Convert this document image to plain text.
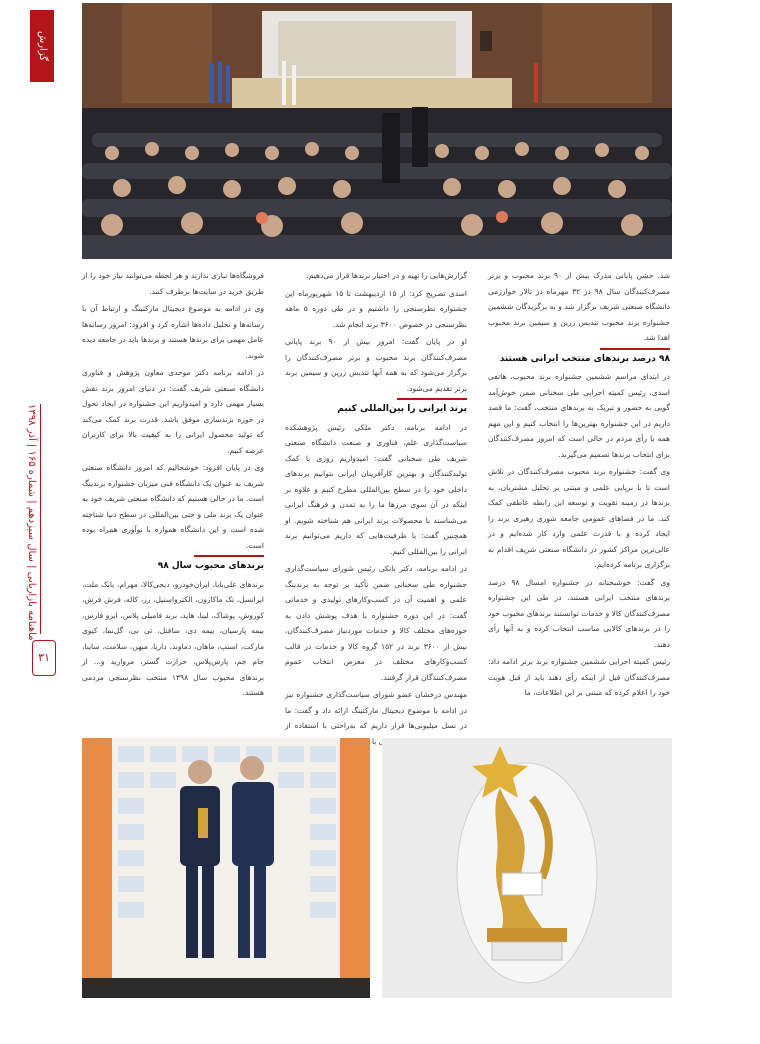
گزارش
ماهنامه بازاریابی | سال سیزدهم | شماره ۱۶۵ | آذر ۱۳۹۸
۳۱

شد. جشن پایانی مدرک بیش از ۹۰ برند محبوب و برتر مصرف‌کنندگان سال ۹۸ در ۳۲ مهرماه در تالار خوارزمی دانشگاه صنعتی شریف برگزار شد و به برگزیدگان ششمین جشنواره برند محبوب تندیس زرین و سیمین برند محبوب اهدا شد.

۹۸ درصد برندهای منتخب ایرانی هستند

در ابتدای مراسم ششمین جشنواره برند محبوب، هاتفی اسدی، رئیس کمیته اجرایی طی سخنانی ضمن خوش‌آمد گویی به حضور و تبریک به برندهای منتخب، گفت: ما قصد داریم در این جشنواره بهترین‌ها را انتخاب کنیم و این مهم همه با رأی مردم در حالی است که امروز مصرف‌کنندگان برای انتخاب برندها تصمیم می‌گیرند.

وی گفت: جشنواره برند محبوب مصرف‌کنندگان در تلاش است تا با برپایی علمی و مبتنی بر تحلیل مشتریان، به برندها در زمینه تقویت و توسعه این رابطه عاطفی کمک کند. ما در فضاهای عمومی جامعه شوری رهبری برند را ایجاد کرده و با قدرت علمی وارد کار شده‌ایم و در عالی‌ترین مراکز کشور در دانشگاه صنعتی شریف اقدام به برگزاری برنامه کرده‌ایم.

وی گفت: خوشبختانه در جشنواره امسال ۹۸ درصد برندهای منتخب ایرانی هستند. در طی این جشنواره مصرف‌کنندگان کالا و خدمات توانستند برندهای محبوب خود را در برندهای کالایی مناسب انتخاب کرده و به آنها رأی دهند.

رئیس کمیته اجرایی ششمین جشنواره برند برتر ادامه داد: مصرف‌کنندگان قبل از اینکه رأی دهند باید از قبل هویت خود را اعلام کرده که مبتنی بر این اطلاعات، ما

گزارش‌هایی را تهیه و در اختیار برندها قرار می‌دهیم.

اسدی تصریح کرد: از ۱۵ اردیبهشت تا ۱۵ شهریورماه این جشنواره نظرسنجی را داشتیم و در طی دوره ۵ ماهه نظرسنجی در خصوص ۳۶۰۰ برند انجام شد.

او در پایان گفت: امروز بیش از ۹۰ برند پایانی مصرف‌کنندگان برند محبوب و برتر مصرف‌کنندگان را برگزار می‌شود که به همه آنها تندیس زرین و سیمین برند برتر تقدیم می‌شود.

برند ایرانی را بین‌المللی کنیم

در ادامه برنامه، دکتر ملکی رئیس پژوهشکده سیاست‌گذاری علم، فناوری و صنعت دانشگاه صنعتی شریف طی سخنانی گفت: امیدواریم روزی با کمک تولیدکنندگان و بهترین کارآفرینان ایرانی بتوانیم برندهای داخلی خود را در سطح بین‌المللی مطرح کنیم و علاوه بر اینکه در آن سوی مرزها ما را به تمدن و فرهنگ ایرانی می‌شناسند با محصولات برند ایرانی هم شناخته شویم. او همچنین گفت: با ظرفیت‌هایی که داریم می‌توانیم برند ایرانی را بین‌المللی کنیم.

در ادامه برنامه، دکتر بانکی رئیس شورای سیاست‌گذاری جشنواره طی سخنانی ضمن تأکید بر توجه به برندینگ علمی و اهمیت آن در کسب‌وکارهای تولیدی و خدماتی گفت: در این دوره جشنواره با هدف پوشش دادن به حوزه‌های مختلف کالا و خدمات موردنیاز مصرف‌کنندگان، بیش از ۳۶۰۰ برند در ۱۵۲ گروه کالا و خدمات در قالب کسب‌وکارهای مختلف در معرض انتخاب عموم مصرف‌کنندگان قرار گرفتند.

مهندس درخشان عضو شورای سیاست‌گذاری جشنواره نیز در ادامه با موضوع دیجیتال مارکتینگ ارائه داد و گفت: ما در نسل میلیونی‌ها قرار داریم که به‌راحتی با استفاده از با

فروشگاه‌ها نیازی ندارند و هر لحظه می‌توانند نیاز خود را از طریق خرید در سایت‌ها برطرف کنند.

وی در ادامه به موضوع دیجیتال مارکتینگ و ارتباط آن با رسانه‌ها و تحلیل داده‌ها اشاره کرد و افزود: امروز رسانه‌ها عامل مهمی برای برندها هستند و برندها باید در جامعه دیده شوند.

در ادامه برنامه دکتر موحدی معاون پژوهش و فناوری دانشگاه صنعتی شریف گفت: در دنیای امروز برند نقش بسیار مهمی دارد و امیدواریم این جشنواره در ایجاد تحول در حوزه برندسازی موفق باشد. قدرت برند کمک می‌کند که تولید محصول ایرانی را به کیفیت بالا برای کاربران عرضه کنیم.

وی در پایان افزود: خوشحالیم که امروز دانشگاه صنعتی شریف به عنوان یک دانشگاه فنی میزبان جشنواره برندینگ است. ما در حالی هستیم که دانشگاه صنعتی شریف خود به عنوان یک برند ملی و حتی بین‌المللی در سطح دنیا شناخته شده است و این دانشگاه همواره با نوآوری همراه بوده است.

برندهای محبوب سال ۹۸

برندهای علی‌بابا، ایران‌خودرو، دیجی‌کالا، مهرام، بانک ملت، ایرانسل، تک ماکارون، الکترواستیل، رز، کاله، فرش فرش، کوروش، پوشاک، لینا، هاید، برند فامیلی پلاس، ایزو فارس، بیمه پارسیان، بیمه دی، سافتل، تی بی، گل‌نما، کیوی مارکت، اسنپ، ماهان، دماوند، داریا، میهن، سلامت، ساینا، جام جم، پارس‌پلاس، حرارت گستر، مروارید و... از برندهای محبوب سال ۱۳۹۸ منتخب نظرسنجی مردمی هستند.
